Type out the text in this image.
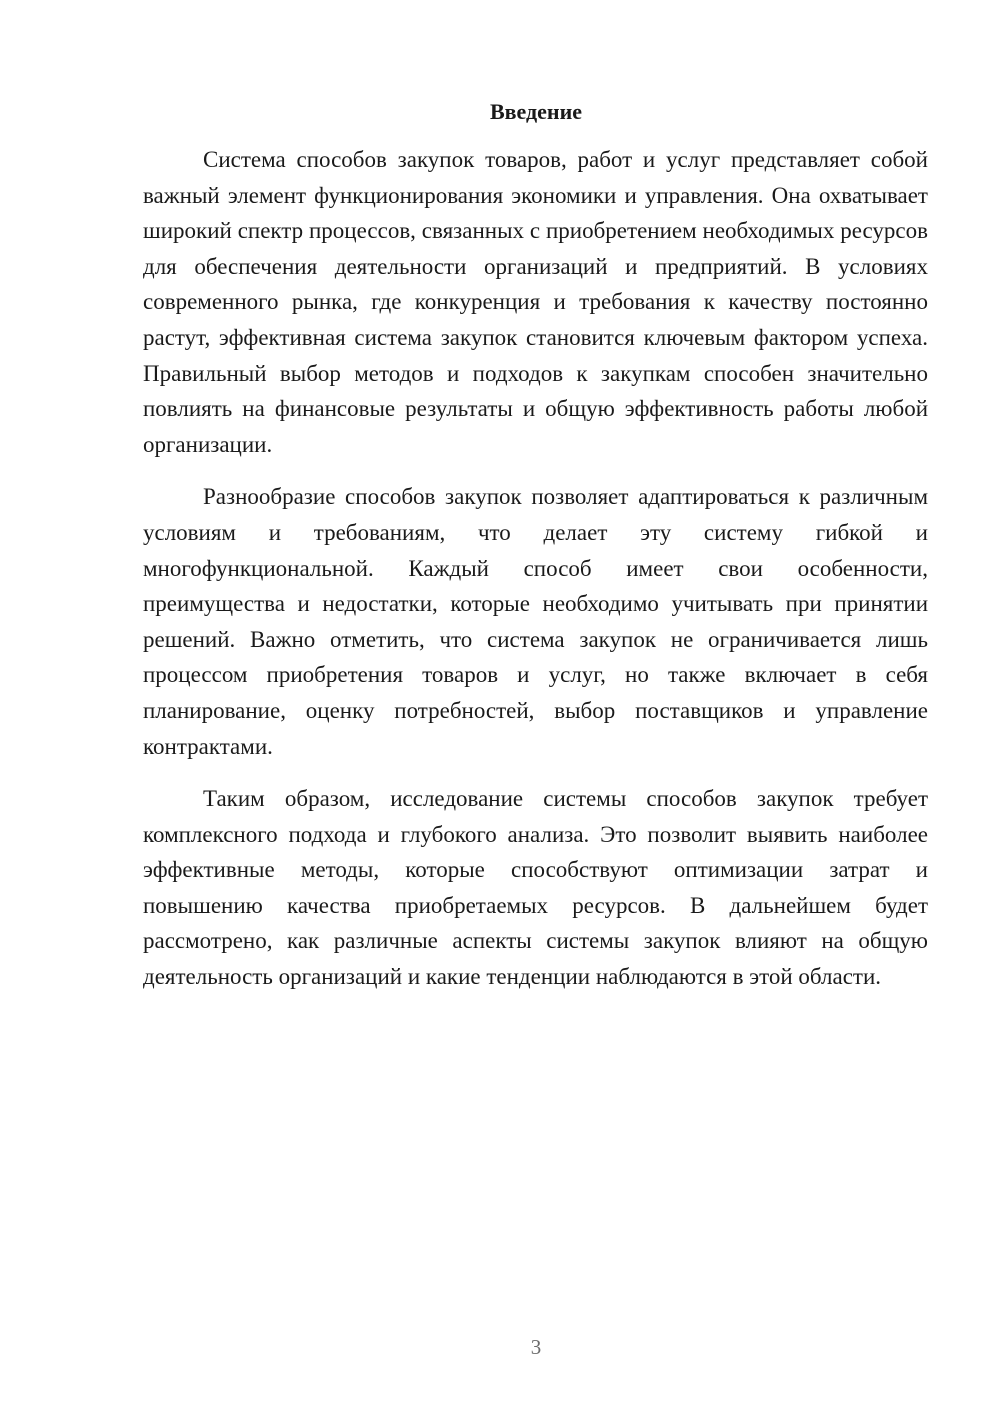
Введение

Система способов закупок товаров, работ и услуг представляет собой важный элемент функционирования экономики и управления. Она охватывает широкий спектр процессов, связанных с приобретением необходимых ресурсов для обеспечения деятельности организаций и предприятий. В условиях современного рынка, где конкуренция и требования к качеству постоянно растут, эффективная система закупок становится ключевым фактором успеха. Правильный выбор методов и подходов к закупкам способен значительно повлиять на финансовые результаты и общую эффективность работы любой организации.

Разнообразие способов закупок позволяет адаптироваться к различным условиям и требованиям, что делает эту систему гибкой и многофункциональной. Каждый способ имеет свои особенности, преимущества и недостатки, которые необходимо учитывать при принятии решений. Важно отметить, что система закупок не ограничивается лишь процессом приобретения товаров и услуг, но также включает в себя планирование, оценку потребностей, выбор поставщиков и управление контрактами.

Таким образом, исследование системы способов закупок требует комплексного подхода и глубокого анализа. Это позволит выявить наиболее эффективные методы, которые способствуют оптимизации затрат и повышению качества приобретаемых ресурсов. В дальнейшем будет рассмотрено, как различные аспекты системы закупок влияют на общую деятельность организаций и какие тенденции наблюдаются в этой области.

3
